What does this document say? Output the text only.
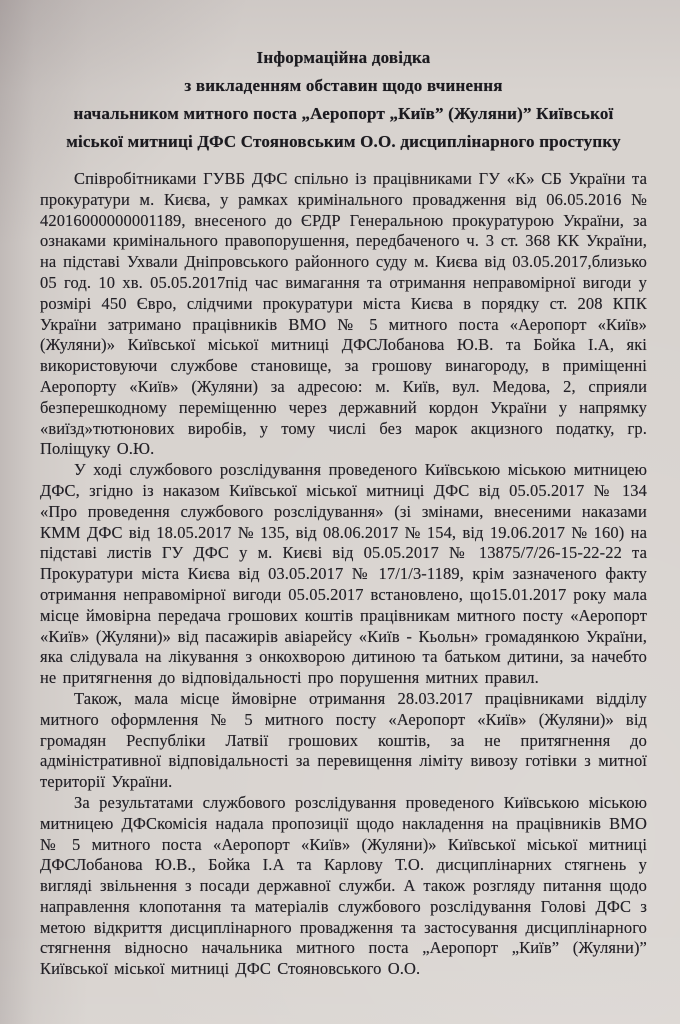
Інформаційна довідка
з викладенням обставин щодо вчинення
начальником митного поста „Аеропорт „Київ” (Жуляни)” Київської
міської митниці ДФС Стояновським О.О. дисциплінарного проступку

Співробітниками ГУВБ ДФС спільно із працівниками ГУ «К» СБ України та прокуратури м. Києва, у рамках кримінального провадження від 06.05.2016 № 42016000000001189, внесеного до ЄРДР Генеральною прокуратурою України, за ознаками кримінального правопорушення, передбаченого ч. 3 ст. 368 КК України, на підставі Ухвали Дніпровського районного суду м. Києва від 03.05.2017,близько 05 год. 10 хв. 05.05.2017під час вимагання та отримання неправомірної вигоди у розмірі 450 Євро, слідчими прокуратури міста Києва в порядку ст. 208 КПК України затримано працівників ВМО № 5 митного поста «Аеропорт «Київ» (Жуляни)» Київської міської митниці ДФСЛобанова Ю.В. та Бойка І.А, які використовуючи службове становище, за грошову винагороду, в приміщенні Аеропорту «Київ» (Жуляни) за адресою: м. Київ, вул. Медова, 2, сприяли безперешкодному переміщенню через державний кордон України у напрямку «виїзд»тютюнових виробів, у тому числі без марок акцизного податку, гр. Поліщуку О.Ю.

У ході службового розслідування проведеного Київською міською митницею ДФС, згідно із наказом Київської міської митниці ДФС від 05.05.2017 № 134 «Про проведення службового розслідування» (зі змінами, внесеними наказами КММ ДФС від 18.05.2017 № 135, від 08.06.2017 № 154, від 19.06.2017 № 160) на підставі листів ГУ ДФС у м. Києві від 05.05.2017 № 13875/7/26-15-22-22 та Прокуратури міста Києва від 03.05.2017 № 17/1/3-1189, крім зазначеного факту отримання неправомірної вигоди 05.05.2017 встановлено, що15.01.2017 року мала місце ймовірна передача грошових коштів працівникам митного посту «Аеропорт «Київ» (Жуляни)» від пасажирів авіарейсу «Київ - Кьольн» громадянкою України, яка слідувала на лікування з онкохворою дитиною та батьком дитини, за начебто не притягнення до відповідальності про порушення митних правил.

Також, мала місце ймовірне отримання 28.03.2017 працівниками відділу митного оформлення № 5 митного посту «Аеропорт «Київ» (Жуляни)» від громадян Республіки Латвії грошових коштів, за не притягнення до адміністративної відповідальності за перевищення ліміту вивозу готівки з митної території України.

За результатами службового розслідування проведеного Київською міською митницею ДФСкомісія надала пропозиції щодо накладення на працівників ВМО № 5 митного поста «Аеропорт «Київ» (Жуляни)» Київської міської митниці ДФСЛобанова Ю.В., Бойка І.А та Карлову Т.О. дисциплінарних стягнень у вигляді звільнення з посади державної служби. А також розгляду питання щодо направлення клопотання та матеріалів службового розслідування Голові ДФС з метою відкриття дисциплінарного провадження та застосування дисциплінарного стягнення відносно начальника митного поста „Аеропорт „Київ” (Жуляни)” Київської міської митниці ДФС Стояновського О.О.
